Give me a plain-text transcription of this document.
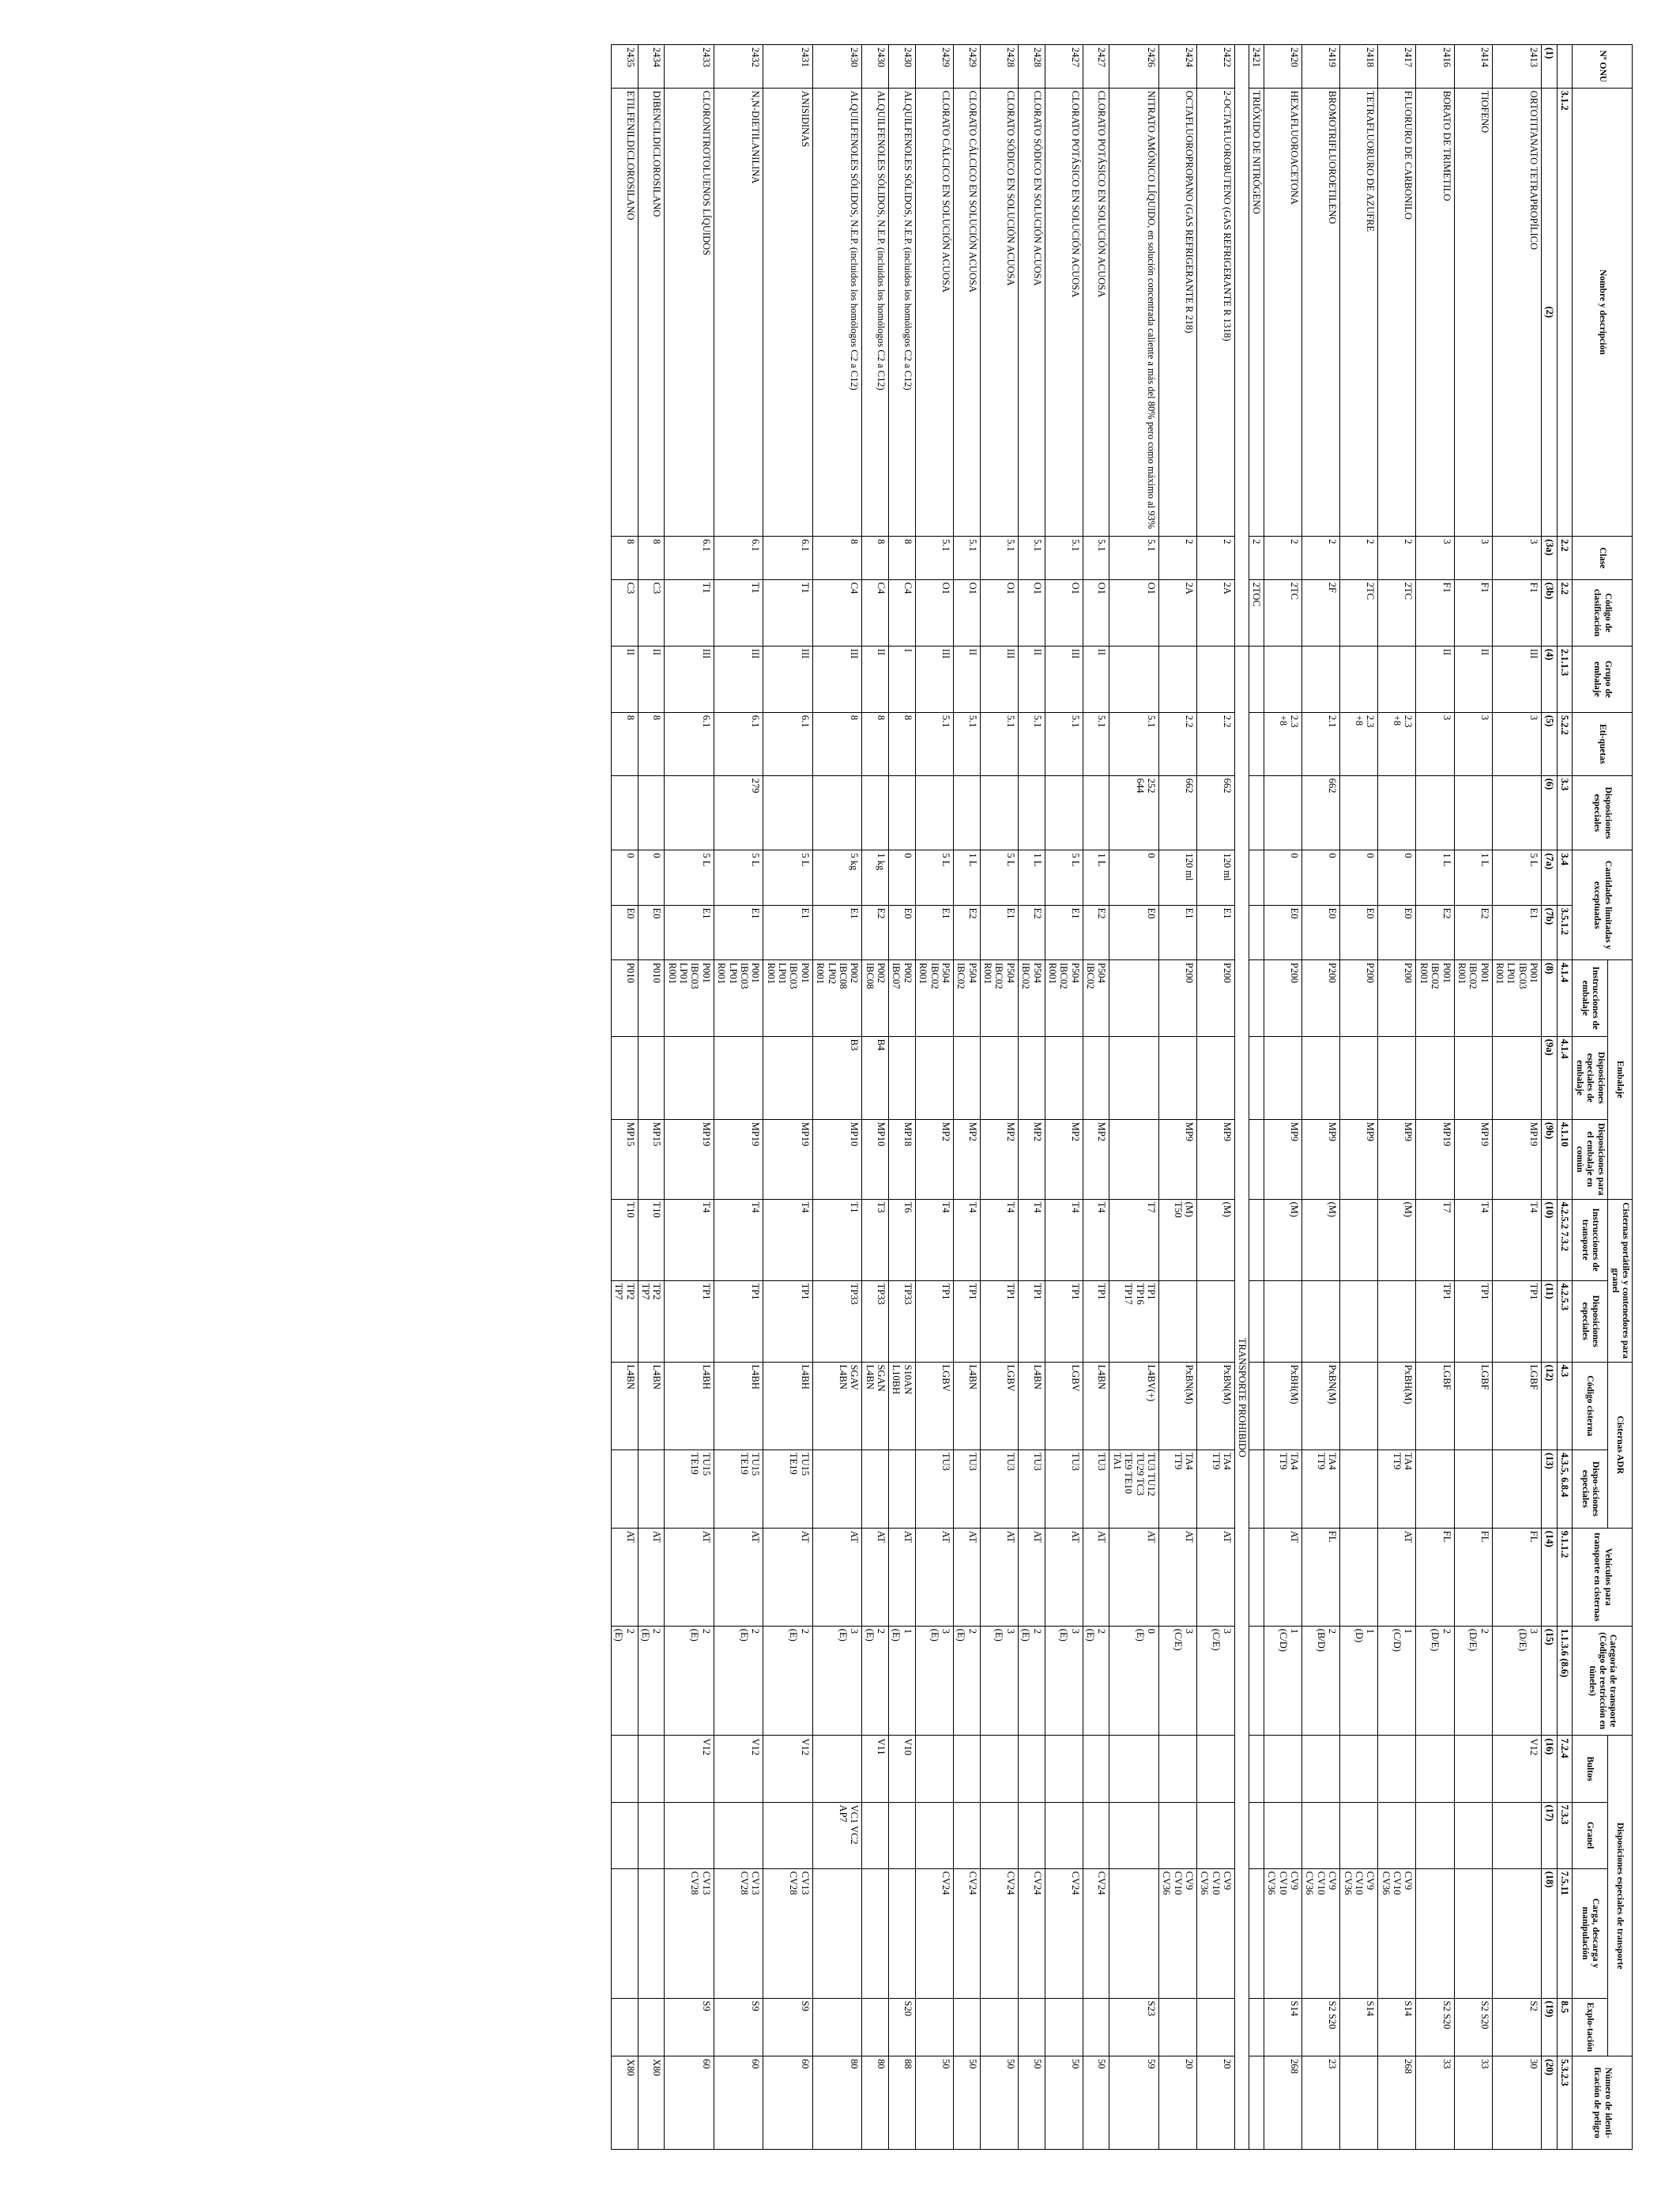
Nº ONU	Nombre y descripción	Clase	Código de clasificación	Grupo de embalaje	Eti-quetas	Disposiciones especiales	Cantidades limitadas y exceptuadas		Embalaje			Cisternas portátiles y contenedores para granel		Cisternas ADR		Vehículos para transporte en cisternas	Categoría de transporte (Código de restricción en túneles)	Disposiciones especiales de transporte				Número de identi-ficación de peligro
									Instrucciones de embalaje	Disposiciones especiales de embalaje	Disposiciones para el embalaje en común	Instrucciones de transporte	Disposiciones especiales	Código cisterna	Dispo-siciones especiales			Bultos	Granel	Carga, descarga y manipulación	Explo-tación	
	3.1.2	2.2	2.2	2.1.1.3	5.2.2	3.3	3.4	3.5.1.2	4.1.4	4.1.4	4.1.10	4.2.5.2 7.3.2	4.2.5.3	4.3	4.3.5, 6.8.4	9.1.1.2	1.1.3.6 (8.6)	7.2.4	7.3.3	7.5.11	8.5	5.3.2.3
(1)	(2)	(3a)	(3b)	(4)	(5)	(6)	(7a)	(7b)	(8)	(9a)	(9b)	(10)	(11)	(12)	(13)	(14)	(15)	(16)	(17)	(18)	(19)	(20)
2413	ORTOTITANATO TETRAPROPÍLICO	3	F1	III	3		5 L	E1	P001
IBC03
LP01
R001		MP19	T4	TP1	LGBF		FL	3
(D/E)	V12			S2	30
2414	TIOFENO	3	F1	II	3		1 L	E2	P001
IBC02
R001		MP19	T4	TP1	LGBF		FL	2
(D/E)				S2 S20	33
2416	BORATO DE TRIMETILO	3	F1	II	3		1 L	E2	P001
IBC02
R001		MP19	T7	TP1	LGBF		FL	2
(D/E)				S2 S20	33
2417	FLUORURO DE CARBONILO	2	2TC		2.3
+8		0	E0	P200		MP9	(M)		PxBH(M)	TA4
TT9	AT	1
(C/D)			CV9
CV10
CV36	S14	268
2418	TETRAFLUORURO DE AZUFRE	2	2TC		2.3
+8		0	E0	P200		MP9						1
(D)			CV9
CV10
CV36	S14	
2419	BROMOTRIFLUOROETILENO	2	2F		2.1	662	0	E0	P200		MP9	(M)		PxBN(M)	TA4
TT9	FL	2
(B/D)			CV9
CV10
CV36	S2 S20	23
2420	HEXAFLUOROACETONA	2	2TC		2.3
+8		0	E0	P200		MP9	(M)		PxBH(M)	TA4
TT9	AT	1
(C/D)			CV9
CV10
CV36	S14	268
2421	TRIÓXIDO DE NITRÓGENO	2	2TOC																			
				TRANSPORTE PROHIBIDO																		
2422	2-OCTAFLUOROBUTENO (GAS REFRIGERANTE R 1318)	2	2A		2.2	662	120 ml	E1	P200		MP9	(M)		PxBN(M)	TA4
TT9	AT	3
(C/E)			CV9
CV10
CV36		20
2424	OCTAFLUOROPROPANO (GAS REFRIGERANTE R 218)	2	2A		2.2	662	120 ml	E1	P200		MP9	(M)
T50		PxBN(M)	TA4
TT9	AT	3
(C/E)			CV9
CV10
CV36		20
2426	NITRATO AMÓNICO LÍQUIDO, en solución concentrada caliente a más del 80% pero como máximo al 93%	5.1	O1		5.1	252
644	0	E0				T7	TP1
TP16
TP17	L4BV(+)	TU3 TU12
TU29 TC3
TE9 TE10
TA1	AT	0
(E)				S23	59
2427	CLORATO POTÁSICO EN SOLUCIÓN ACUOSA	5.1	O1	II	5.1		1 L	E2	P504
IBC02		MP2	T4	TP1	L4BN	TU3	AT	2
(E)			CV24		50
2427	CLORATO POTÁSICO EN SOLUCIÓN ACUOSA	5.1	O1	III	5.1		5 L	E1	P504
IBC02
R001		MP2	T4	TP1	LGBV	TU3	AT	3
(E)			CV24		50
2428	CLORATO SÓDICO EN SOLUCIÓN ACUOSA	5.1	O1	II	5.1		1 L	E2	P504
IBC02		MP2	T4	TP1	L4BN	TU3	AT	2
(E)			CV24		50
2428	CLORATO SÓDICO EN SOLUCIÓN ACUOSA	5.1	O1	III	5.1		5 L	E1	P504
IBC02
R001		MP2	T4	TP1	LGBV	TU3	AT	3
(E)			CV24		50
2429	CLORATO CÁLCICO EN SOLUCIÓN ACUOSA	5.1	O1	II	5.1		1 L	E2	P504
IBC02		MP2	T4	TP1	L4BN	TU3	AT	2
(E)			CV24		50
2429	CLORATO CÁLCICO EN SOLUCIÓN ACUOSA	5.1	O1	III	5.1		5 L	E1	P504
IBC02
R001		MP2	T4	TP1	LGBV	TU3	AT	3
(E)			CV24		50
2430	ALQUILFENOLES SÓLIDOS, N.E.P. (incluidos los homólogos C2 a C12)	8	C4	I	8		0	E0	P002
IBC07		MP18	T6	TP33	S10AN
L10BH		AT	1
(E)	V10			S20	88
2430	ALQUILFENOLES SÓLIDOS, N.E.P. (incluidos los homólogos C2 a C12)	8	C4	II	8		1 kg	E2	P002
IBC08	B4	MP10	T3	TP33	SGAN
L4BN		AT	2
(E)	V11				80
2430	ALQUILFENOLES SÓLIDOS, N.E.P. (incluidos los homólogos C2 a C12)	8	C4	III	8		5 kg	E1	P002
IBC08
LP02
R001	B3	MP10	T1	TP33	SGAV
L4BN		AT	3
(E)		VC1 VC2
AP7			80
2431	ANISIDINAS	6.1	T1	III	6.1		5 L	E1	P001
IBC03
LP01
R001		MP19	T4	TP1	L4BH	TU15
TE19	AT	2
(E)	V12		CV13
CV28	S9	60
2432	N,N-DIETILANILINA	6.1	T1	III	6.1	279	5 L	E1	P001
IBC03
LP01
R001		MP19	T4	TP1	L4BH	TU15
TE19	AT	2
(E)	V12		CV13
CV28	S9	60
2433	CLORONITROTOLUENOS LÍQUIDOS	6.1	T1	III	6.1		5 L	E1	P001
IBC03
LP01
R001		MP19	T4	TP1	L4BH	TU15
TE19	AT	2
(E)	V12		CV13
CV28	S9	60
2434	DIBENCILDICLOROSILANO	8	C3	II	8		0	E0	P010		MP15	T10	TP2
TP7	L4BN		AT	2
(E)					X80
2435	ETILFENILDICLOROSILANO	8	C3	II	8		0	E0	P010		MP15	T10	TP2
TP7	L4BN		AT	2
(E)					X80
